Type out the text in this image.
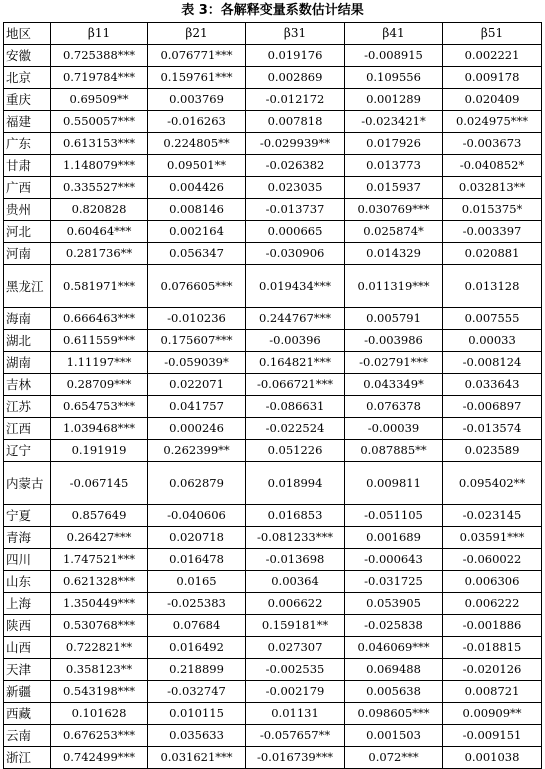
表 3：各解释变量系数估计结果
地区	β11	β21	β31	β41	β51
安徽	0.725388***	0.076771***	0.019176	-0.008915	0.002221
北京	0.719784***	0.159761***	0.002869	0.109556	0.009178
重庆	0.69509**	0.003769	-0.012172	0.001289	0.020409
福建	0.550057***	-0.016263	0.007818	-0.023421*	0.024975***
广东	0.613153***	0.224805**	-0.029939**	0.017926	-0.003673
甘肃	1.148079***	0.09501**	-0.026382	0.013773	-0.040852*
广西	0.335527***	0.004426	0.023035	0.015937	0.032813**
贵州	0.820828	0.008146	-0.013737	0.030769***	0.015375*
河北	0.60464***	0.002164	0.000665	0.025874*	-0.003397
河南	0.281736**	0.056347	-0.030906	0.014329	0.020881
黑龙江	0.581971***	0.076605***	0.019434***	0.011319***	0.013128
海南	0.666463***	-0.010236	0.244767***	0.005791	0.007555
湖北	0.611559***	0.175607***	-0.00396	-0.003986	0.00033
湖南	1.11197***	-0.059039*	0.164821***	-0.02791***	-0.008124
吉林	0.28709***	0.022071	-0.066721***	0.043349*	0.033643
江苏	0.654753***	0.041757	-0.086631	0.076378	-0.006897
江西	1.039468***	0.000246	-0.022524	-0.00039	-0.013574
辽宁	0.191919	0.262399**	0.051226	0.087885**	0.023589
内蒙古	-0.067145	0.062879	0.018994	0.009811	0.095402**
宁夏	0.857649	-0.040606	0.016853	-0.051105	-0.023145
青海	0.26427***	0.020718	-0.081233***	0.001689	0.03591***
四川	1.747521***	0.016478	-0.013698	-0.000643	-0.060022
山东	0.621328***	0.0165	0.00364	-0.031725	0.006306
上海	1.350449***	-0.025383	0.006622	0.053905	0.006222
陕西	0.530768***	0.07684	0.159181**	-0.025838	-0.001886
山西	0.722821**	0.016492	0.027307	0.046069***	-0.018815
天津	0.358123**	0.218899	-0.002535	0.069488	-0.020126
新疆	0.543198***	-0.032747	-0.002179	0.005638	0.008721
西藏	0.101628	0.010115	0.01131	0.098605***	0.00909**
云南	0.676253***	0.035633	-0.057657**	0.001503	-0.009151
浙江	0.742499***	0.031621***	-0.016739***	0.072***	0.001038
